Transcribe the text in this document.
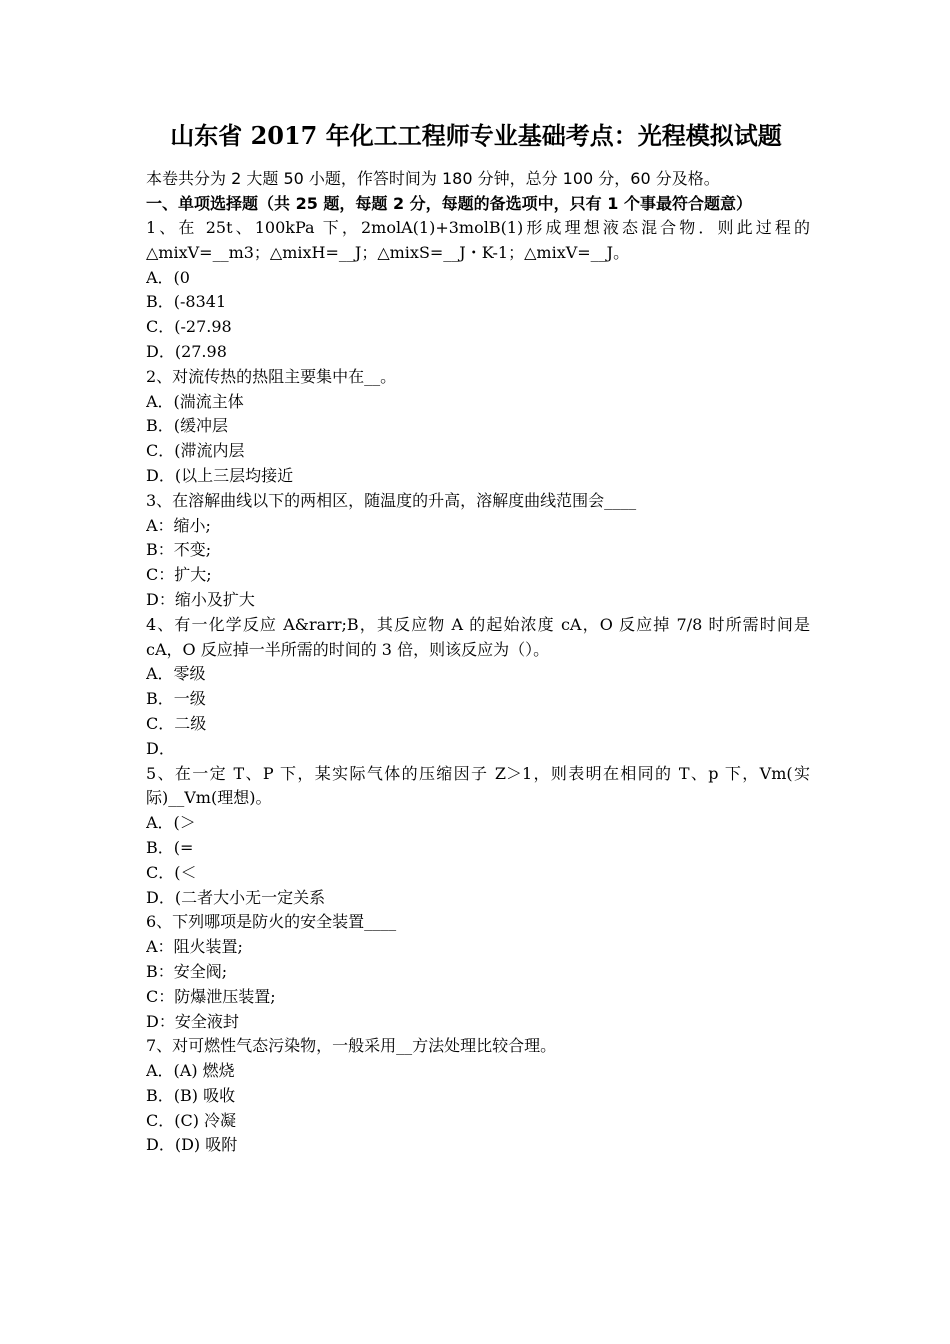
山东省 2017 年化工工程师专业基础考点：光程模拟试题
本卷共分为 2 大题 50 小题，作答时间为 180 分钟，总分 100 分，60 分及格。
一、单项选择题（共 25 题，每题 2 分，每题的备选项中，只有 1 个事最符合题意）
1、在 25t、100kPa 下，2molA(1)+3molB(1)形成理想液态混合物．则此过程的△mixV=__m3；△mixH=__J；△mixS=__J・K-1；△mixV=__J。
A．(0
B．(-8341
C．(-27.98
D．(27.98
2、对流传热的热阻主要集中在__。
A．(湍流主体
B．(缓冲层
C．(滞流内层
D．(以上三层均接近
3、在溶解曲线以下的两相区，随温度的升高，溶解度曲线范围会____
A：缩小;
B：不变;
C：扩大;
D：缩小及扩大
4、有一化学反应 A&rarr;B，其反应物 A 的起始浓度 cA，O 反应掉 7/8 时所需时间是 cA，O 反应掉一半所需的时间的 3 倍，则该反应为（）。
A．零级
B．一级
C．二级
D．
5、在一定 T、P 下，某实际气体的压缩因子 Z＞1，则表明在相同的 T、p 下，Vm(实际)__Vm(理想)。
A．(＞
B．(=
C．(＜
D．(二者大小无一定关系
6、下列哪项是防火的安全装置____
A：阻火装置;
B：安全阀;
C：防爆泄压装置;
D：安全液封
7、对可燃性气态污染物，一般采用__方法处理比较合理。
A．(A) 燃烧
B．(B) 吸收
C．(C) 冷凝
D．(D) 吸附
